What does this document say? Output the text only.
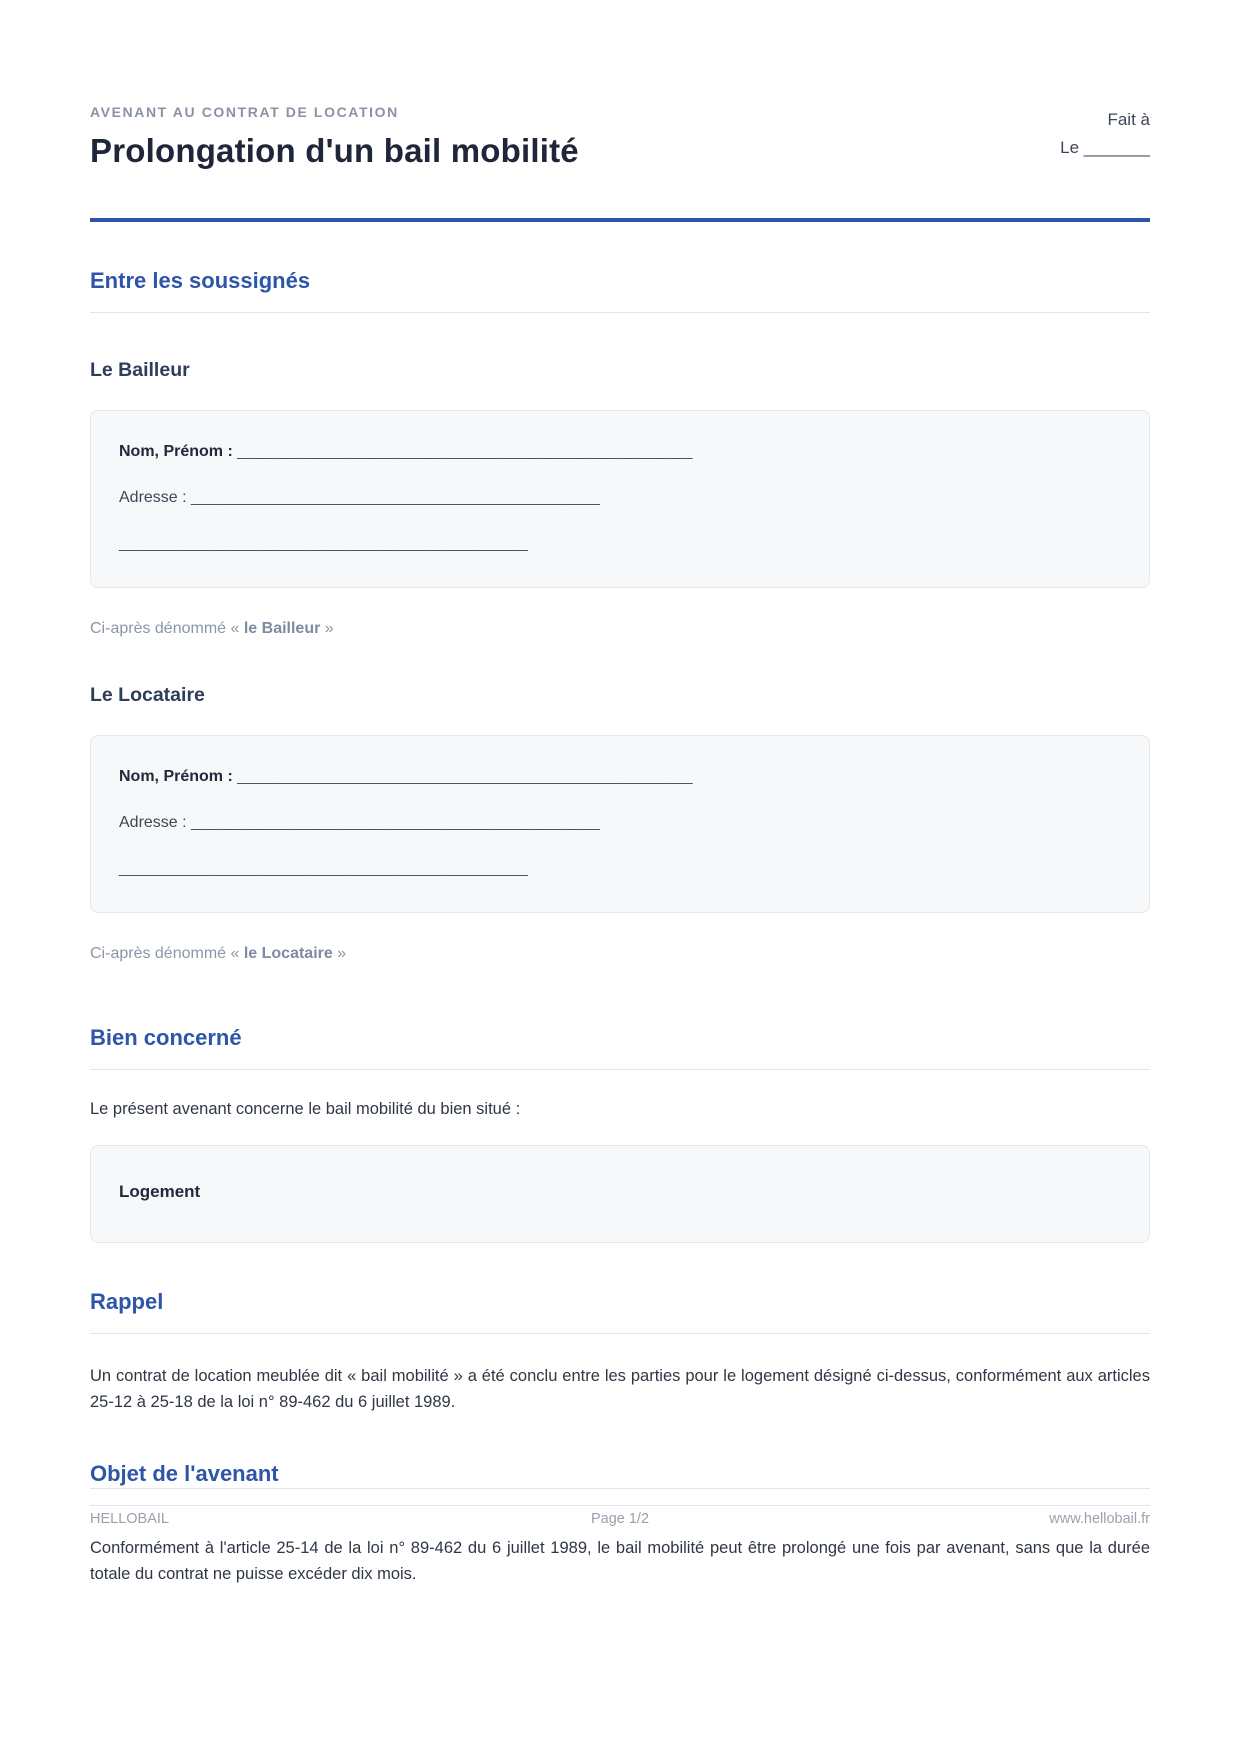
AVENANT AU CONTRAT DE LOCATION
Prolongation d'un bail mobilité
Fait à
Le _______
Entre les soussignés
Le Bailleur
Nom, Prénom : _________________________________________________
Adresse : ____________________________________________
____________________________________________
Ci-après dénommé « le Bailleur »
Le Locataire
Nom, Prénom : _________________________________________________
Adresse : ____________________________________________
____________________________________________
Ci-après dénommé « le Locataire »
Bien concerné
Le présent avenant concerne le bail mobilité du bien situé :
Logement
Rappel

Un contrat de location meublée dit « bail mobilité » a été conclu entre les parties pour le logement désigné ci-dessus, conformément aux articles 25-12 à 25-18 de la loi n° 89-462 du 6 juillet 1989.

Objet de l'avenant

Conformément à l'article 25-14 de la loi n° 89-462 du 6 juillet 1989, le bail mobilité peut être prolongé une fois par avenant, sans que la durée totale du contrat ne puisse excéder dix mois.

HELLOBAIL	Page 1/2	www.hellobail.fr
